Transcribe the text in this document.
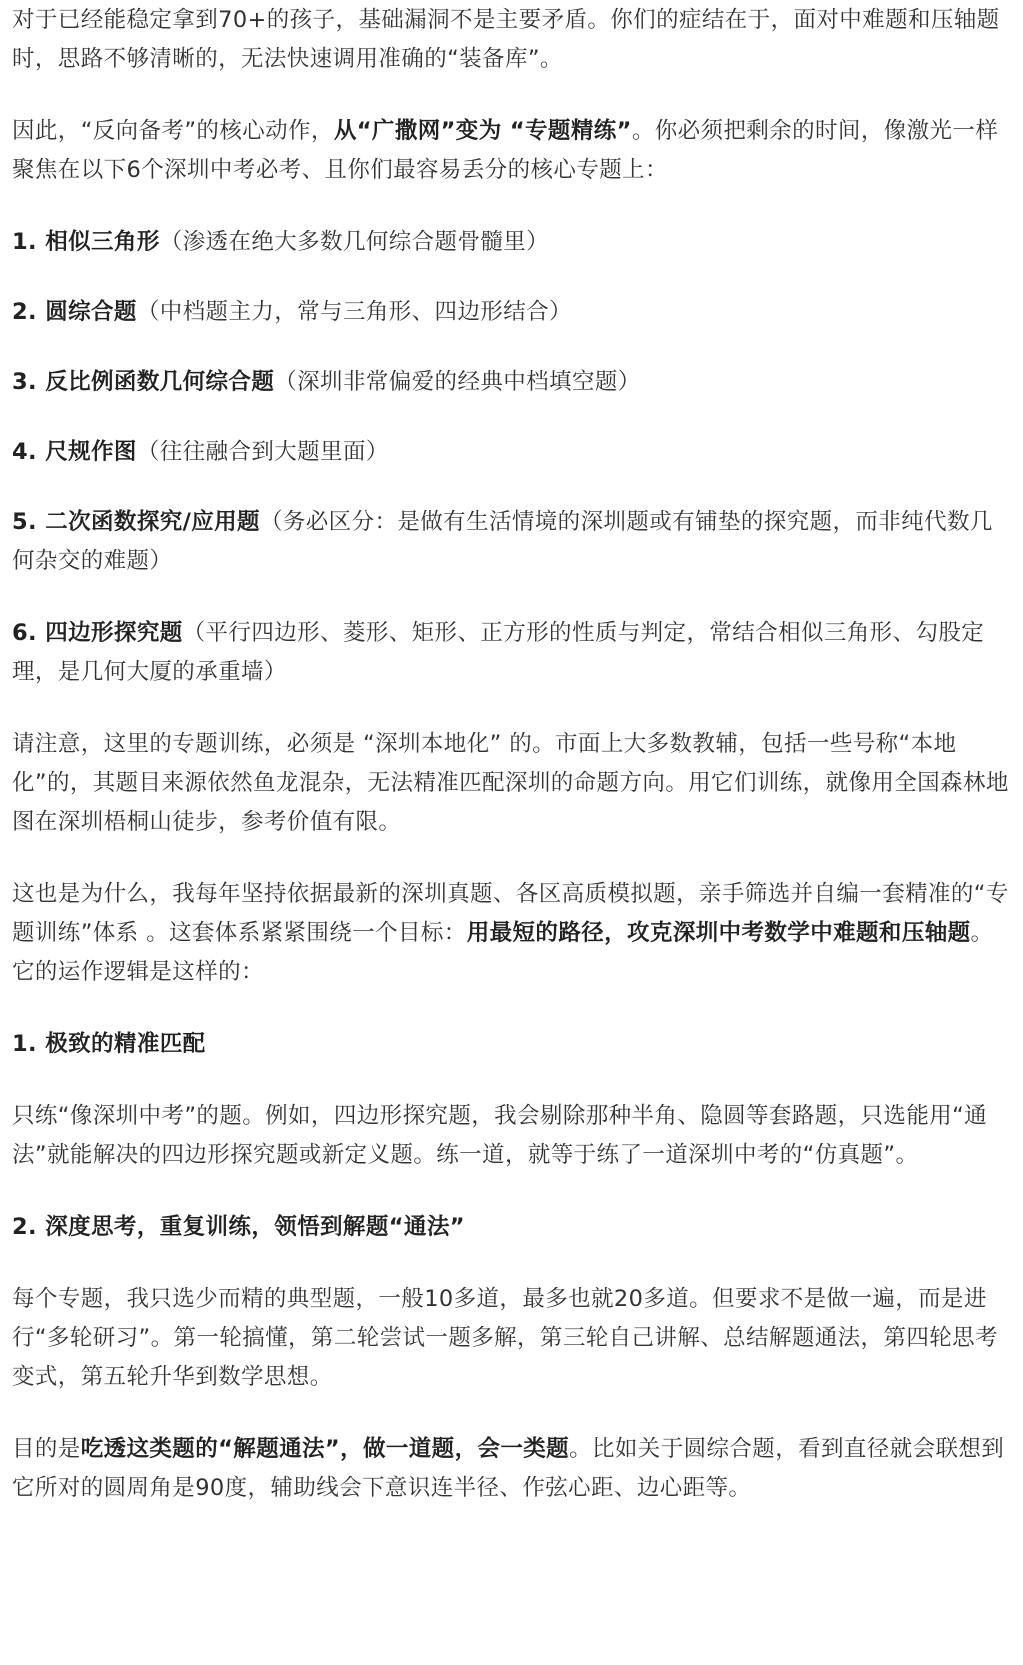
对于已经能稳定拿到70+的孩子，基础漏洞不是主要矛盾。你们的症结在于，面对中难题和压轴题时，思路不够清晰的，无法快速调用准确的“装备库”。

因此，“反向备考”的核心动作，从“广撒网”变为 “专题精练”。你必须把剩余的时间，像激光一样聚焦在以下6个深圳中考必考、且你们最容易丢分的核心专题上：

1. 相似三角形（渗透在绝大多数几何综合题骨髓里）

2. 圆综合题（中档题主力，常与三角形、四边形结合）

3. 反比例函数几何综合题（深圳非常偏爱的经典中档填空题）

4. 尺规作图（往往融合到大题里面）

5. 二次函数探究/应用题（务必区分：是做有生活情境的深圳题或有铺垫的探究题，而非纯代数几何杂交的难题）

6. 四边形探究题（平行四边形、菱形、矩形、正方形的性质与判定，常结合相似三角形、勾股定理，是几何大厦的承重墙）

请注意，这里的专题训练，必须是 “深圳本地化” 的。市面上大多数教辅，包括一些号称“本地化”的，其题目来源依然鱼龙混杂，无法精准匹配深圳的命题方向。用它们训练，就像用全国森林地图在深圳梧桐山徒步，参考价值有限。

这也是为什么，我每年坚持依据最新的深圳真题、各区高质模拟题，亲手筛选并自编一套精准的“专题训练”体系 。这套体系紧紧围绕一个目标：用最短的路径，攻克深圳中考数学中难题和压轴题。它的运作逻辑是这样的：

1. 极致的精准匹配

只练“像深圳中考”的题。例如，四边形探究题，我会剔除那种半角、隐圆等套路题，只选能用“通法”就能解决的四边形探究题或新定义题。练一道，就等于练了一道深圳中考的“仿真题”。

2. 深度思考，重复训练，领悟到解题“通法”

每个专题，我只选少而精的典型题，一般10多道，最多也就20多道。但要求不是做一遍，而是进行“多轮研习”。第一轮搞懂，第二轮尝试一题多解，第三轮自己讲解、总结解题通法，第四轮思考变式，第五轮升华到数学思想。

目的是吃透这类题的“解题通法”，做一道题，会一类题。比如关于圆综合题，看到直径就会联想到它所对的圆周角是90度，辅助线会下意识连半径、作弦心距、边心距等。
